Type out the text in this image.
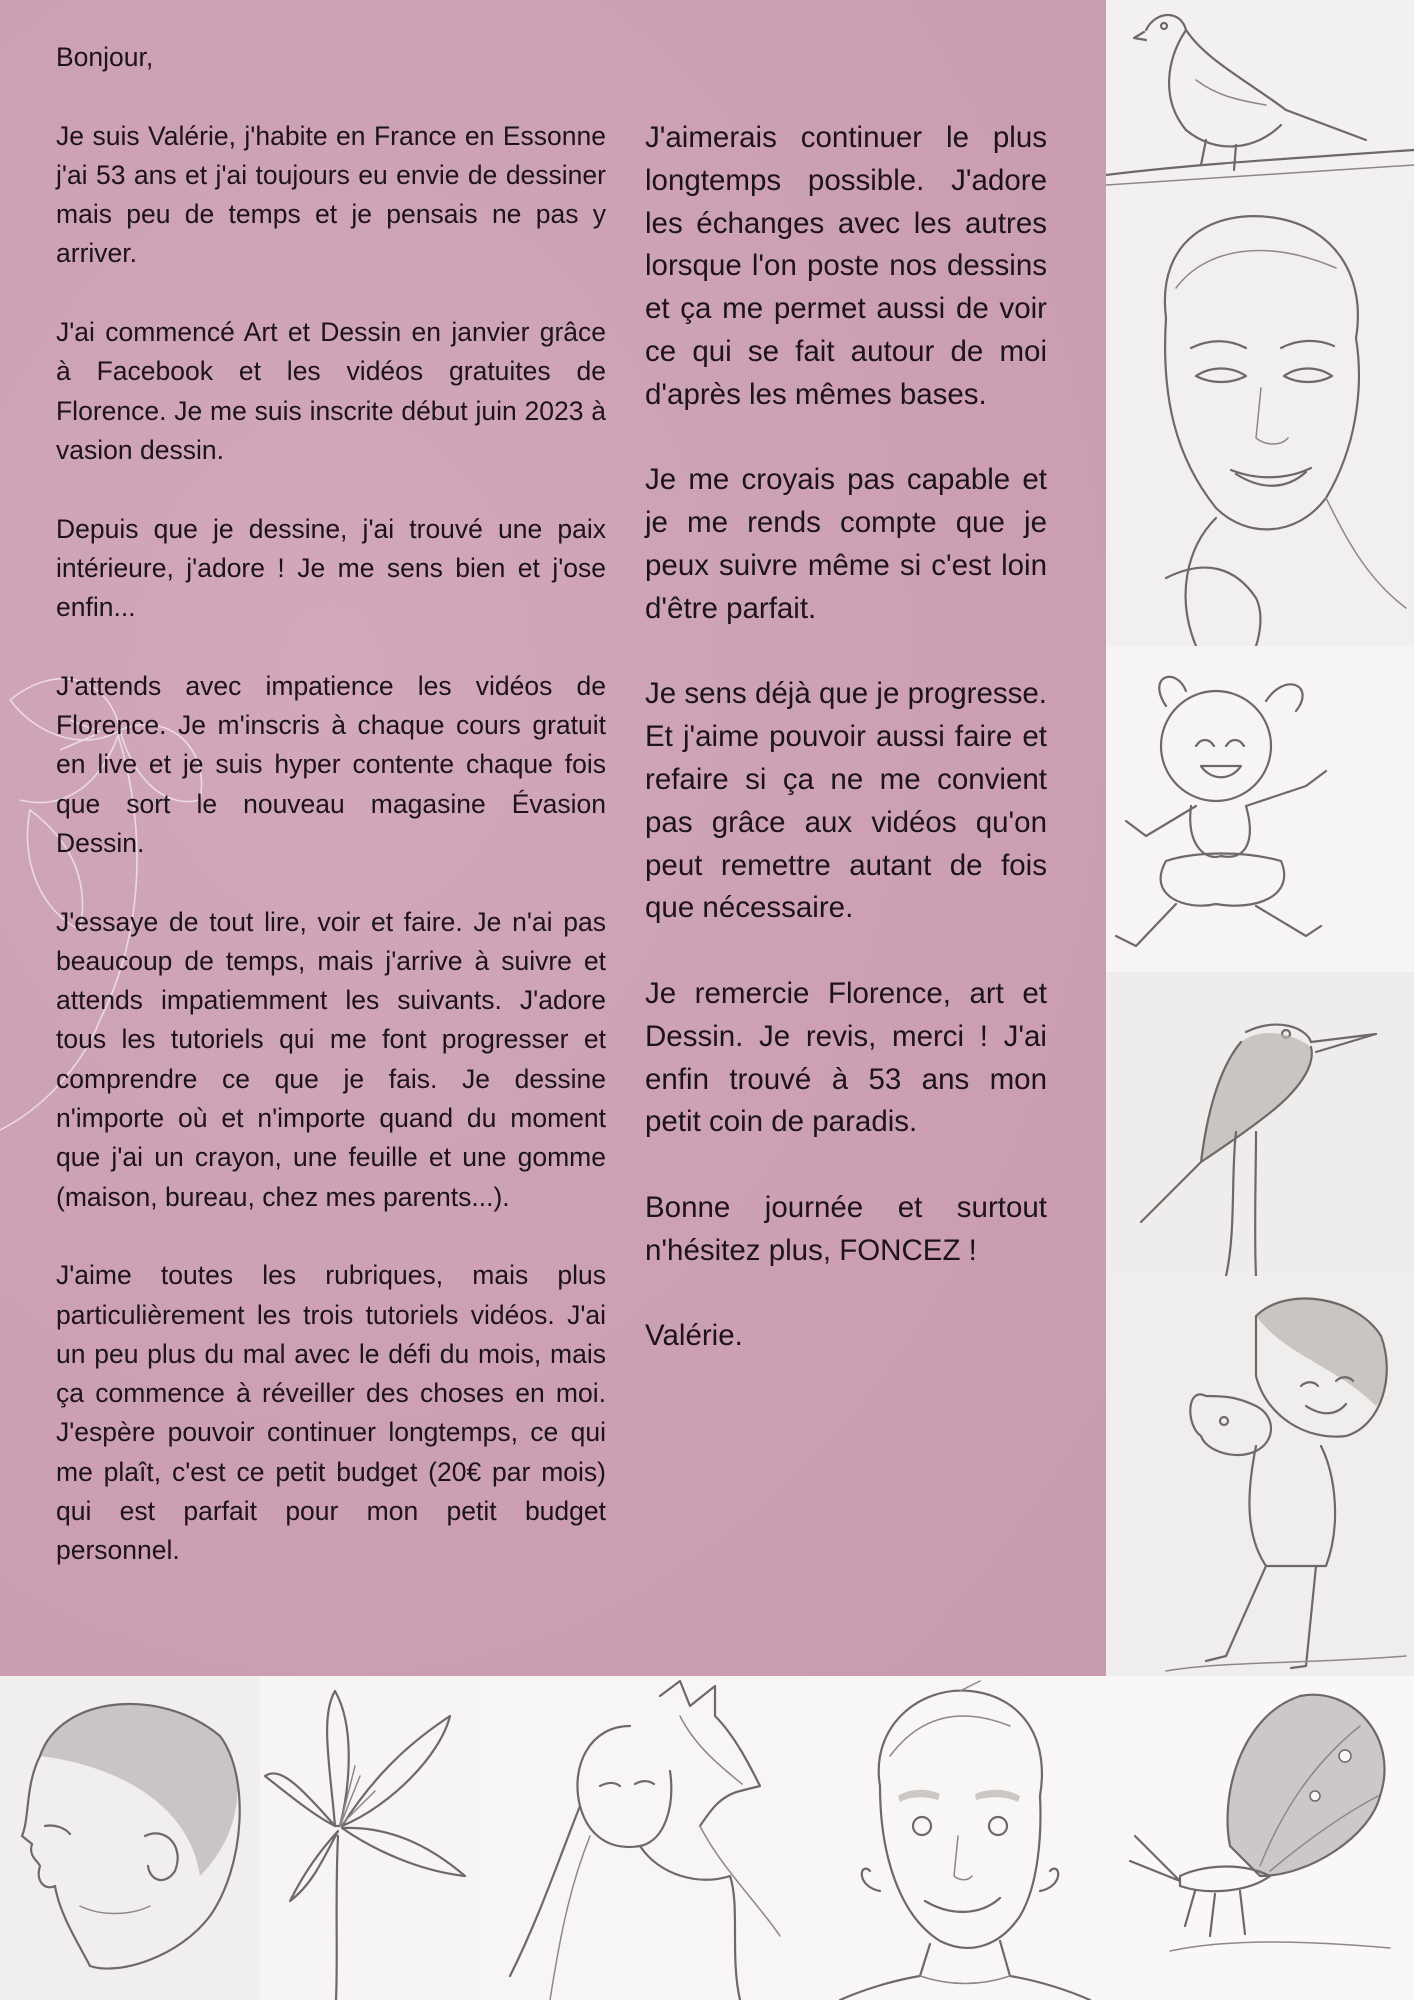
Bonjour,

Je suis Valérie, j'habite en France en Essonne j'ai 53 ans et j'ai toujours eu envie de dessiner mais peu de temps et je pensais ne pas y arriver.

J'ai commencé Art et Dessin en janvier grâce à Facebook et les vidéos gratuites de Florence. Je me suis inscrite début juin 2023 à vasion dessin.

Depuis que je dessine, j'ai trouvé une paix intérieure, j'adore ! Je me sens bien et j'ose enfin...

J'attends avec impatience les vidéos de Florence. Je m'inscris à chaque cours gratuit en live et je suis hyper contente chaque fois que sort le nouveau magasine Évasion Dessin.

J'essaye de tout lire, voir et faire. Je n'ai pas beaucoup de temps, mais j'arrive à suivre et attends impatiemment les suivants. J'adore tous les tutoriels qui me font progresser et comprendre ce que je fais. Je dessine n'importe où et n'importe quand du moment que j'ai un crayon, une feuille et une gomme (maison, bureau, chez mes parents...).

J'aime toutes les rubriques, mais plus particulièrement les trois tutoriels vidéos. J'ai un peu plus du mal avec le défi du mois, mais ça commence à réveiller des choses en moi. J'espère pouvoir continuer longtemps, ce qui me plaît, c'est ce petit budget (20€ par mois) qui est parfait pour mon petit budget personnel.

J'aimerais continuer le plus longtemps possible. J'adore les échanges avec les autres lorsque l'on poste nos dessins et ça me permet aussi de voir ce qui se fait autour de moi d'après les mêmes bases.

Je me croyais pas capable et je me rends compte que je peux suivre même si c'est loin d'être parfait.

Je sens déjà que je progresse. Et j'aime pouvoir aussi faire et refaire si ça ne me convient pas grâce aux vidéos qu'on peut remettre autant de fois que nécessaire.

Je remercie Florence, art et Dessin. Je revis, merci ! J'ai enfin trouvé à 53 ans mon petit coin de paradis.

Bonne journée et surtout n'hésitez plus, FONCEZ !

Valérie.
